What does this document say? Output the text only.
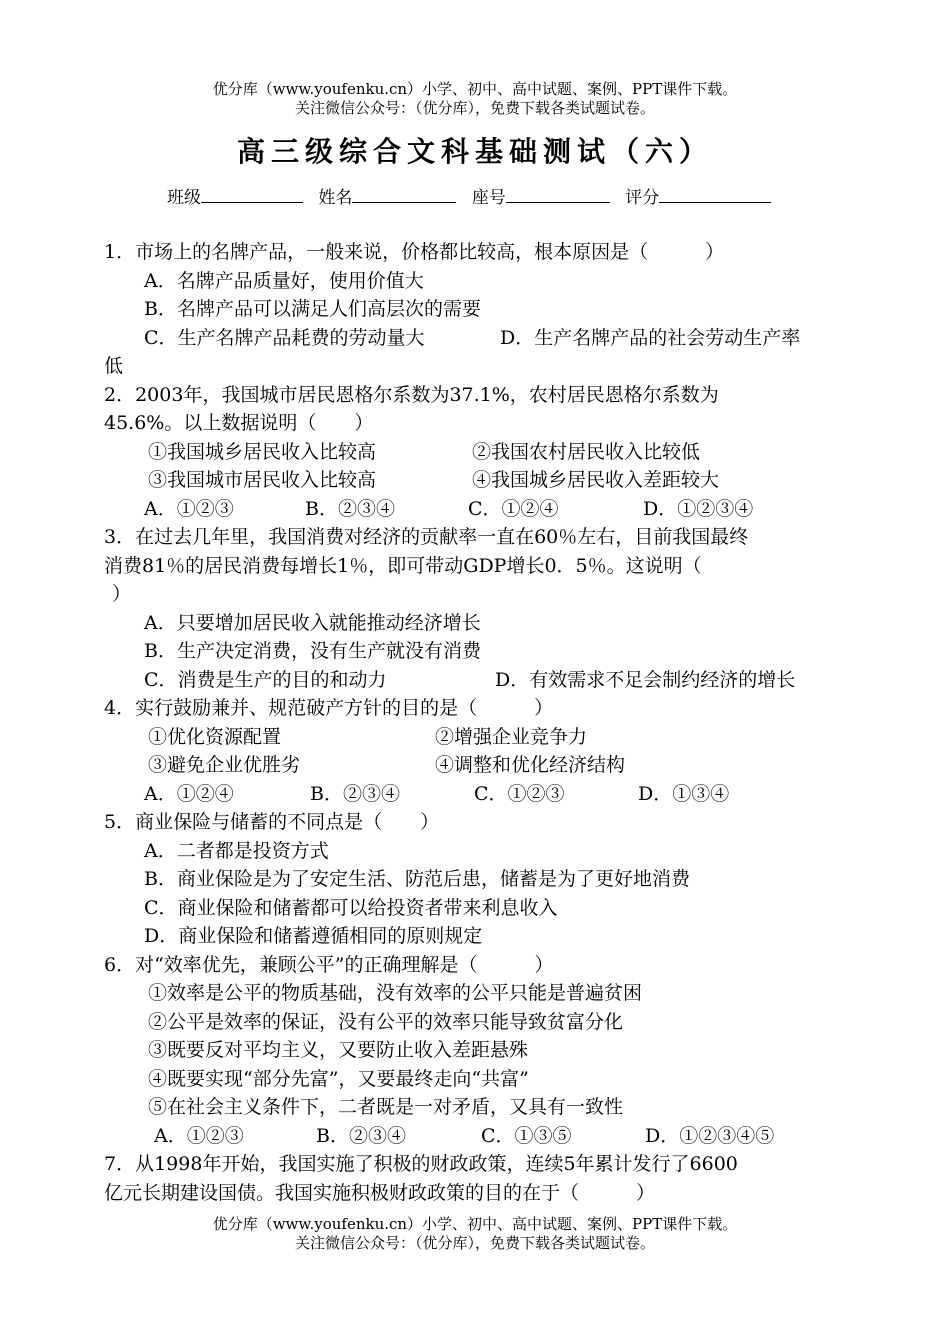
优分库（www.youfenku.cn）小学、初中、高中试题、案例、PPT课件下载。
关注微信公众号：（优分库），免费下载各类试题试卷。
高三级综合文科基础测试（六）
班级	姓名	座号	评分
1．市场上的名牌产品，一般来说，价格都比较高，根本原因是（　　　）
A．名牌产品质量好，使用价值大
B．名牌产品可以满足人们高层次的需要
C．生产名牌产品耗费的劳动量大	D．生产名牌产品的社会劳动生产率
低
2．2003年，我国城市居民恩格尔系数为37.1%，农村居民恩格尔系数为
45.6%。以上数据说明（　　）
①我国城乡居民收入比较高	②我国农村居民收入比较低
③我国城市居民收入比较高	④我国城乡居民收入差距较大
A．①②③	B．②③④	C．①②④	D．①②③④
3．在过去几年里，我国消费对经济的贡献率一直在60％左右，目前我国最终
消费81％的居民消费每增长1％，即可带动GDP增长0．5％。这说明（
）
A．只要增加居民收入就能推动经济增长
B．生产决定消费，没有生产就没有消费
C．消费是生产的目的和动力	D．有效需求不足会制约经济的增长
4．实行鼓励兼并、规范破产方针的目的是（　　　）
①优化资源配置	②增强企业竞争力
③避免企业优胜劣	④调整和优化经济结构
A．①②④	B．②③④	C．①②③	D．①③④
5．商业保险与储蓄的不同点是（　　）
A．二者都是投资方式
B．商业保险是为了安定生活、防范后患，储蓄是为了更好地消费
C．商业保险和储蓄都可以给投资者带来利息收入
D．商业保险和储蓄遵循相同的原则规定
6．对“效率优先，兼顾公平”的正确理解是（　　　）
①效率是公平的物质基础，没有效率的公平只能是普遍贫困
②公平是效率的保证，没有公平的效率只能导致贫富分化
③既要反对平均主义，又要防止收入差距悬殊
④既要实现“部分先富”，又要最终走向“共富”
⑤在社会主义条件下，二者既是一对矛盾，又具有一致性
A．①②③	B．②③④	C．①③⑤	D．①②③④⑤
7．从1998年开始，我国实施了积极的财政政策，连续5年累计发行了6600
亿元长期建设国债。我国实施积极财政政策的目的在于（　　　）
优分库（www.youfenku.cn）小学、初中、高中试题、案例、PPT课件下载。
关注微信公众号：（优分库），免费下载各类试题试卷。
